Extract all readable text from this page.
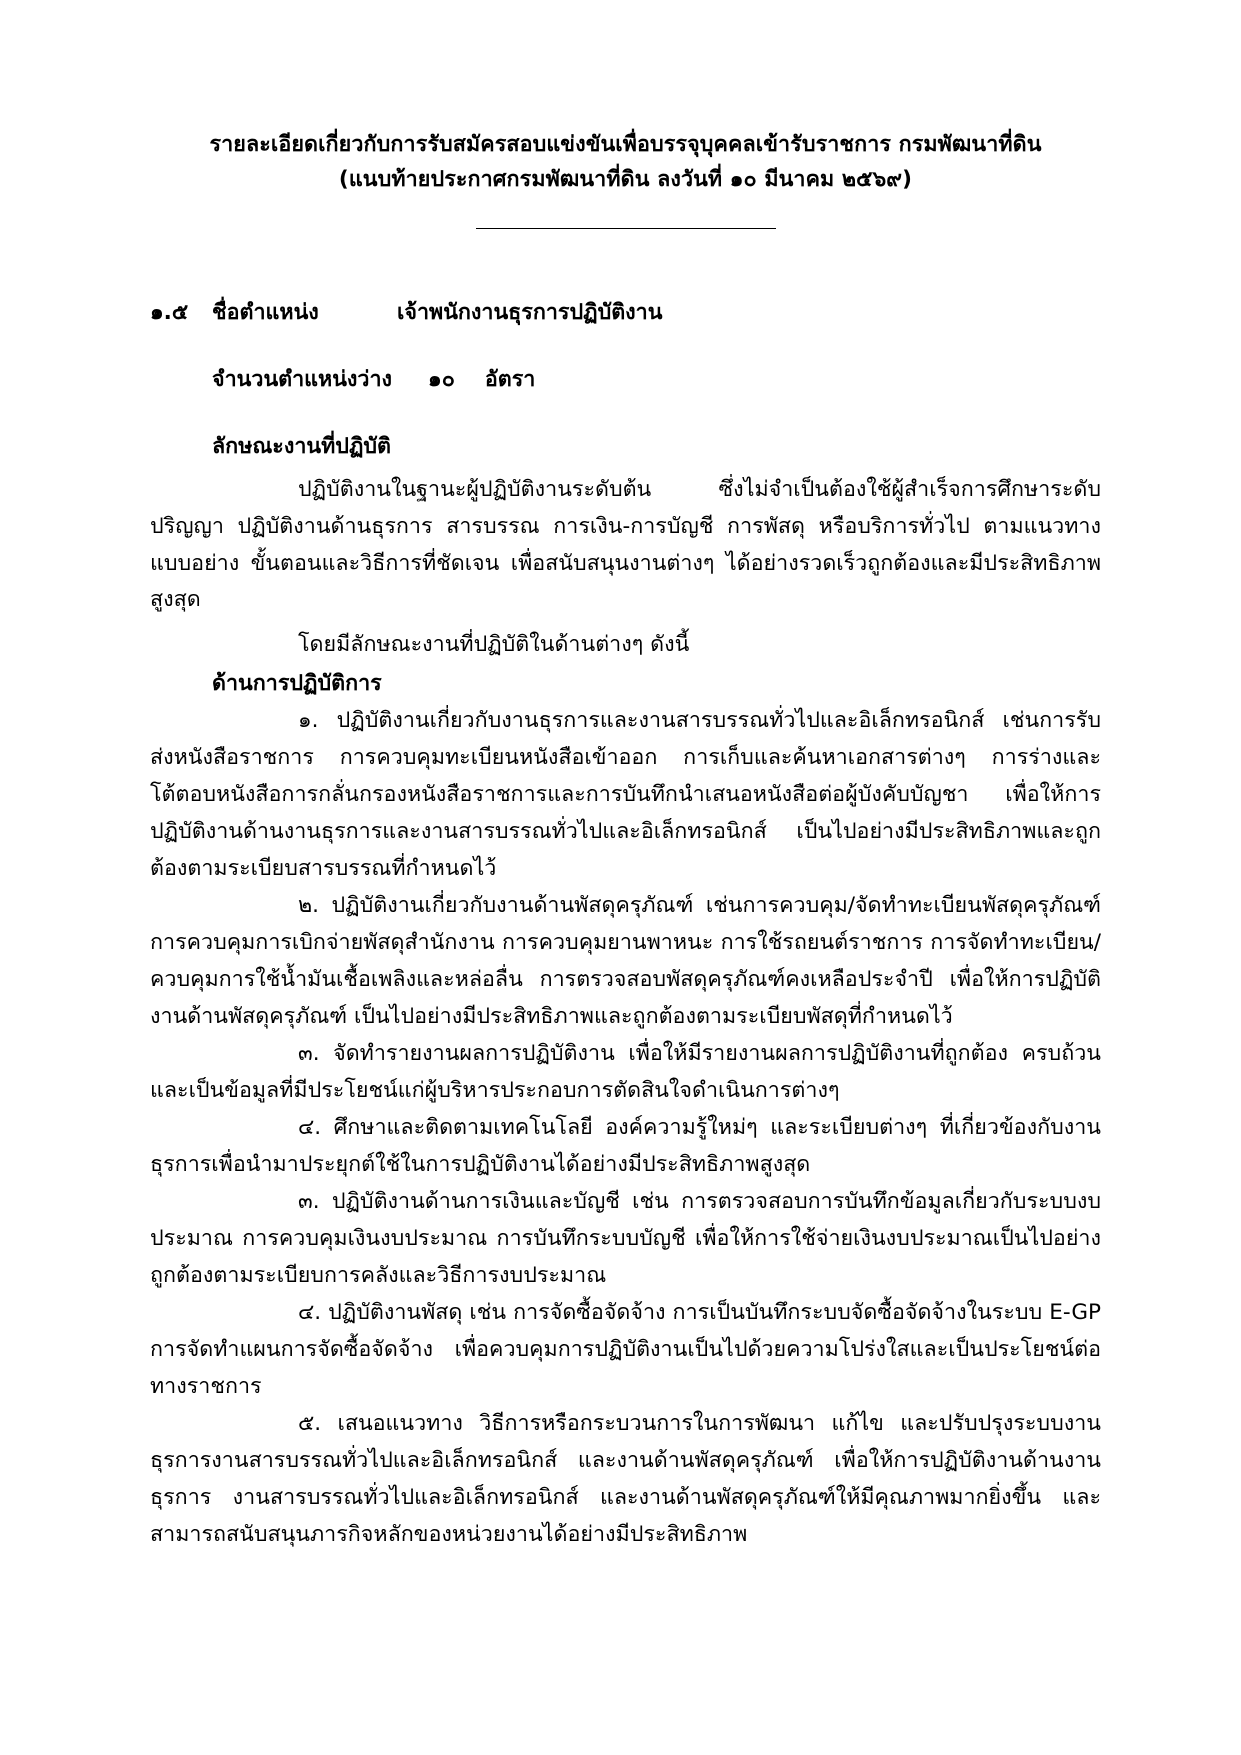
รายละเอียดเกี่ยวกับการรับสมัครสอบแข่งขันเพื่อบรรจุบุคคลเข้ารับราชการ กรมพัฒนาที่ดิน
(แนบท้ายประกาศกรมพัฒนาที่ดิน ลงวันที่ ๑๐ มีนาคม ๒๕๖๙)
๑.๕	ชื่อตำแหน่ง	เจ้าพนักงานธุรการปฏิบัติงาน
จำนวนตำแหน่งว่าง	๑๐	อัตรา
ลักษณะงานที่ปฏิบัติ

ปฏิบัติงานในฐานะผู้ปฏิบัติงานระดับต้น ซึ่งไม่จำเป็นต้องใช้ผู้สำเร็จการศึกษาระดับปริญญา ปฏิบัติงานด้านธุรการ สารบรรณ การเงิน-การบัญชี การพัสดุ หรือบริการทั่วไป ตามแนวทาง แบบอย่าง ขั้นตอนและวิธีการที่ชัดเจน เพื่อสนับสนุนงานต่างๆ ได้อย่างรวดเร็วถูกต้องและมีประสิทธิภาพสูงสุด

โดยมีลักษณะงานที่ปฏิบัติในด้านต่างๆ ดังนี้

ด้านการปฏิบัติการ

๑. ปฏิบัติงานเกี่ยวกับงานธุรการและงานสารบรรณทั่วไปและอิเล็กทรอนิกส์ เช่นการรับส่งหนังสือราชการ การควบคุมทะเบียนหนังสือเข้าออก การเก็บและค้นหาเอกสารต่างๆ การร่างและโต้ตอบหนังสือการกลั่นกรองหนังสือราชการและการบันทึกนำเสนอหนังสือต่อผู้บังคับบัญชา เพื่อให้การปฏิบัติงานด้านงานธุรการและงานสารบรรณทั่วไปและอิเล็กทรอนิกส์ เป็นไปอย่างมีประสิทธิภาพและถูกต้องตามระเบียบสารบรรณที่กำหนดไว้

๒. ปฏิบัติงานเกี่ยวกับงานด้านพัสดุครุภัณฑ์ เช่นการควบคุม/จัดทำทะเบียนพัสดุครุภัณฑ์ การควบคุมการเบิกจ่ายพัสดุสำนักงาน การควบคุมยานพาหนะ การใช้รถยนต์ราชการ การจัดทำทะเบียน/ควบคุมการใช้น้ำมันเชื้อเพลิงและหล่อลื่น การตรวจสอบพัสดุครุภัณฑ์คงเหลือประจำปี เพื่อให้การปฏิบัติงานด้านพัสดุครุภัณฑ์ เป็นไปอย่างมีประสิทธิภาพและถูกต้องตามระเบียบพัสดุที่กำหนดไว้

๓. จัดทำรายงานผลการปฏิบัติงาน เพื่อให้มีรายงานผลการปฏิบัติงานที่ถูกต้อง ครบถ้วน และเป็นข้อมูลที่มีประโยชน์แก่ผู้บริหารประกอบการตัดสินใจดำเนินการต่างๆ

๔. ศึกษาและติดตามเทคโนโลยี องค์ความรู้ใหม่ๆ และระเบียบต่างๆ ที่เกี่ยวข้องกับงานธุรการเพื่อนำมาประยุกต์ใช้ในการปฏิบัติงานได้อย่างมีประสิทธิภาพสูงสุด

๓. ปฏิบัติงานด้านการเงินและบัญชี เช่น การตรวจสอบการบันทึกข้อมูลเกี่ยวกับระบบงบประมาณ การควบคุมเงินงบประมาณ การบันทึกระบบบัญชี เพื่อให้การใช้จ่ายเงินงบประมาณเป็นไปอย่างถูกต้องตามระเบียบการคลังและวิธีการงบประมาณ

๔. ปฏิบัติงานพัสดุ เช่น การจัดซื้อจัดจ้าง การเป็นบันทึกระบบจัดซื้อจัดจ้างในระบบ E-GP การจัดทำแผนการจัดซื้อจัดจ้าง เพื่อควบคุมการปฏิบัติงานเป็นไปด้วยความโปร่งใสและเป็นประโยชน์ต่อทางราชการ

๕. เสนอแนวทาง วิธีการหรือกระบวนการในการพัฒนา แก้ไข และปรับปรุงระบบงานธุรการงานสารบรรณทั่วไปและอิเล็กทรอนิกส์ และงานด้านพัสดุครุภัณฑ์ เพื่อให้การปฏิบัติงานด้านงานธุรการ งานสารบรรณทั่วไปและอิเล็กทรอนิกส์ และงานด้านพัสดุครุภัณฑ์ให้มีคุณภาพมากยิ่งขึ้น และสามารถสนับสนุนภารกิจหลักของหน่วยงานได้อย่างมีประสิทธิภาพ
